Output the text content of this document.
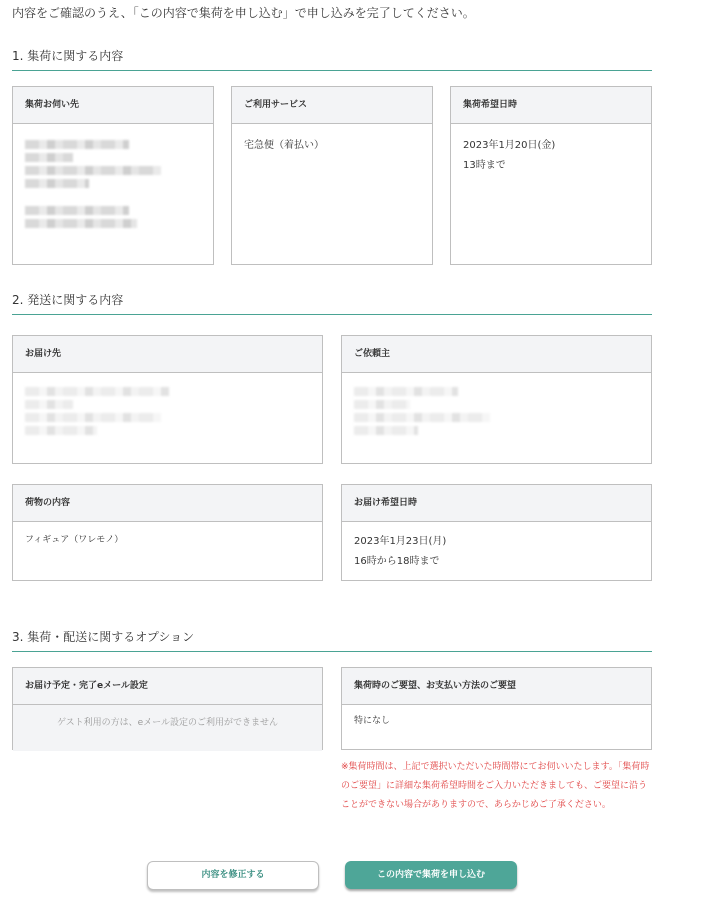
内容をご確認のうえ、「この内容で集荷を申し込む」で申し込みを完了してください。
1. 集荷に関する内容
集荷お伺い先	ご利用サービス
宅急便（着払い）
集荷希望日時
2023年1月20日(金)
13時まで
2. 発送に関する内容
お届け先	ご依頼主
荷物の内容
フィギュア（ワレモノ）
お届け希望日時
2023年1月23日(月)
16時から18時まで
3. 集荷・配送に関するオプション
お届け予定・完了eメール設定
ゲスト利用の方は、eメール設定のご利用ができません
集荷時のご要望、お支払い方法のご要望
特になし
※集荷時間は、上記で選択いただいた時間帯にてお伺いいたします。「集荷時のご要望」に詳細な集荷希望時間をご入力いただきましても、ご要望に沿うことができない場合がありますので、あらかじめご了承ください。
内容を修正する	この内容で集荷を申し込む
